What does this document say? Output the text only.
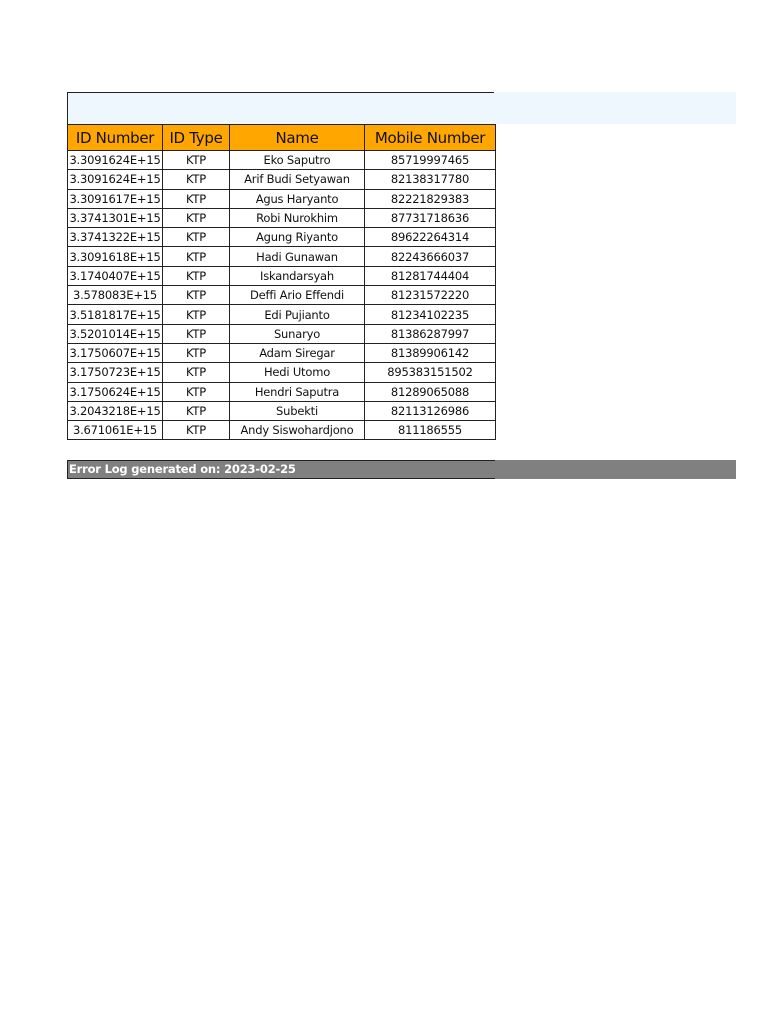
ID Number	ID Type	Name	Mobile Number
3.3091624E+15	KTP	Eko Saputro	85719997465
3.3091624E+15	KTP	Arif Budi Setyawan	82138317780
3.3091617E+15	KTP	Agus Haryanto	82221829383
3.3741301E+15	KTP	Robi Nurokhim	87731718636
3.3741322E+15	KTP	Agung Riyanto	89622264314
3.3091618E+15	KTP	Hadi Gunawan	82243666037
3.1740407E+15	KTP	Iskandarsyah	81281744404
3.578083E+15	KTP	Deffi Ario Effendi	81231572220
3.5181817E+15	KTP	Edi Pujianto	81234102235
3.5201014E+15	KTP	Sunaryo	81386287997
3.1750607E+15	KTP	Adam Siregar	81389906142
3.1750723E+15	KTP	Hedi Utomo	895383151502
3.1750624E+15	KTP	Hendri Saputra	81289065088
3.2043218E+15	KTP	Subekti	82113126986
3.671061E+15	KTP	Andy Siswohardjono	811186555
Error Log generated on: 2023-02-25
